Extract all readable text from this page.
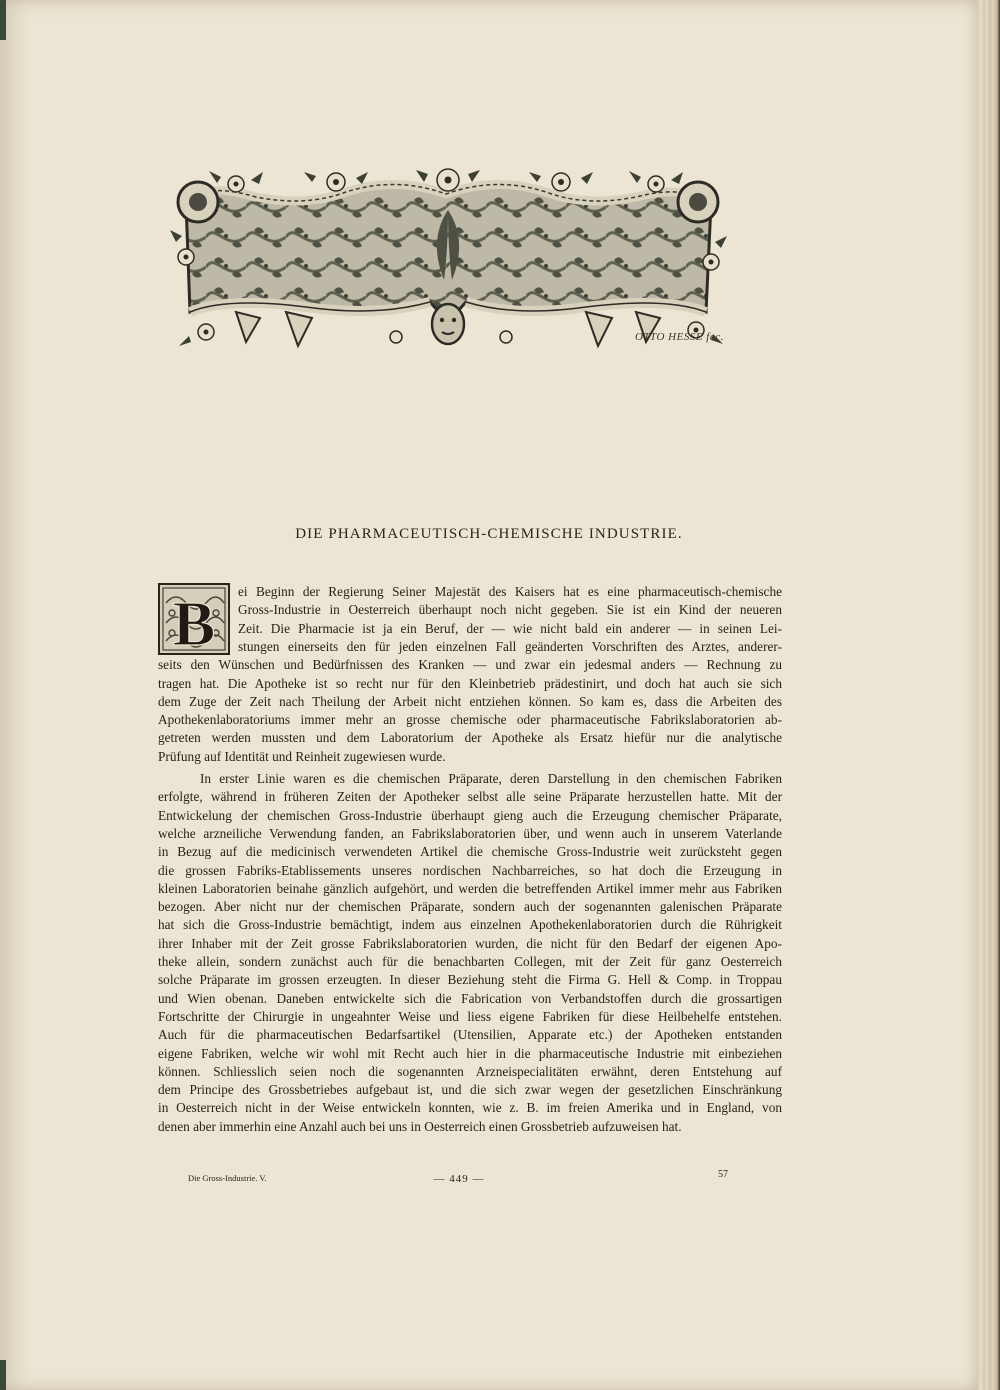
OTTO HESSE fec.
DIE PHARMACEUTISCH-CHEMISCHE INDUSTRIE.
B ei Beginn der Regierung Seiner Majestät des Kaisers hat es eine pharmaceutisch-chemische
Gross-Industrie in Oesterreich überhaupt noch nicht gegeben. Sie ist ein Kind der neueren
Zeit. Die Pharmacie ist ja ein Beruf, der — wie nicht bald ein anderer — in seinen Lei-
stungen einerseits den für jeden einzelnen Fall geänderten Vorschriften des Arztes, anderer-
seits den Wünschen und Bedürfnissen des Kranken — und zwar ein jedesmal anders — Rechnung zu
tragen hat. Die Apotheke ist so recht nur für den Kleinbetrieb prädestinirt, und doch hat auch sie sich
dem Zuge der Zeit nach Theilung der Arbeit nicht entziehen können. So kam es, dass die Arbeiten des
Apothekenlaboratoriums immer mehr an grosse chemische oder pharmaceutische Fabrikslaboratorien ab-
getreten werden mussten und dem Laboratorium der Apotheke als Ersatz hiefür nur die analytische
Prüfung auf Identität und Reinheit zugewiesen wurde.
In erster Linie waren es die chemischen Präparate, deren Darstellung in den chemischen Fabriken
erfolgte, während in früheren Zeiten der Apotheker selbst alle seine Präparate herzustellen hatte. Mit der
Entwickelung der chemischen Gross-Industrie überhaupt gieng auch die Erzeugung chemischer Präparate,
welche arzneiliche Verwendung fanden, an Fabrikslaboratorien über, und wenn auch in unserem Vaterlande
in Bezug auf die medicinisch verwendeten Artikel die chemische Gross-Industrie weit zurücksteht gegen
die grossen Fabriks-Etablissements unseres nordischen Nachbarreiches, so hat doch die Erzeugung in
kleinen Laboratorien beinahe gänzlich aufgehört, und werden die betreffenden Artikel immer mehr aus Fabriken
bezogen. Aber nicht nur der chemischen Präparate, sondern auch der sogenannten galenischen Präparate
hat sich die Gross-Industrie bemächtigt, indem aus einzelnen Apothekenlaboratorien durch die Rührigkeit
ihrer Inhaber mit der Zeit grosse Fabrikslaboratorien wurden, die nicht für den Bedarf der eigenen Apo-
theke allein, sondern zunächst auch für die benachbarten Collegen, mit der Zeit für ganz Oesterreich
solche Präparate im grossen erzeugten. In dieser Beziehung steht die Firma G. Hell & Comp. in Troppau
und Wien obenan. Daneben entwickelte sich die Fabrication von Verbandstoffen durch die grossartigen
Fortschritte der Chirurgie in ungeahnter Weise und liess eigene Fabriken für diese Heilbehelfe entstehen.
Auch für die pharmaceutischen Bedarfsartikel (Utensilien, Apparate etc.) der Apotheken entstanden
eigene Fabriken, welche wir wohl mit Recht auch hier in die pharmaceutische Industrie mit einbeziehen
können. Schliesslich seien noch die sogenannten Arzneispecialitäten erwähnt, deren Entstehung auf
dem Principe des Grossbetriebes aufgebaut ist, und die sich zwar wegen der gesetzlichen Einschränkung
in Oesterreich nicht in der Weise entwickeln konnten, wie z. B. im freien Amerika und in England, von
denen aber immerhin eine Anzahl auch bei uns in Oesterreich einen Grossbetrieb aufzuweisen hat.
Die Gross-Industrie. V.	— 449 —	57
